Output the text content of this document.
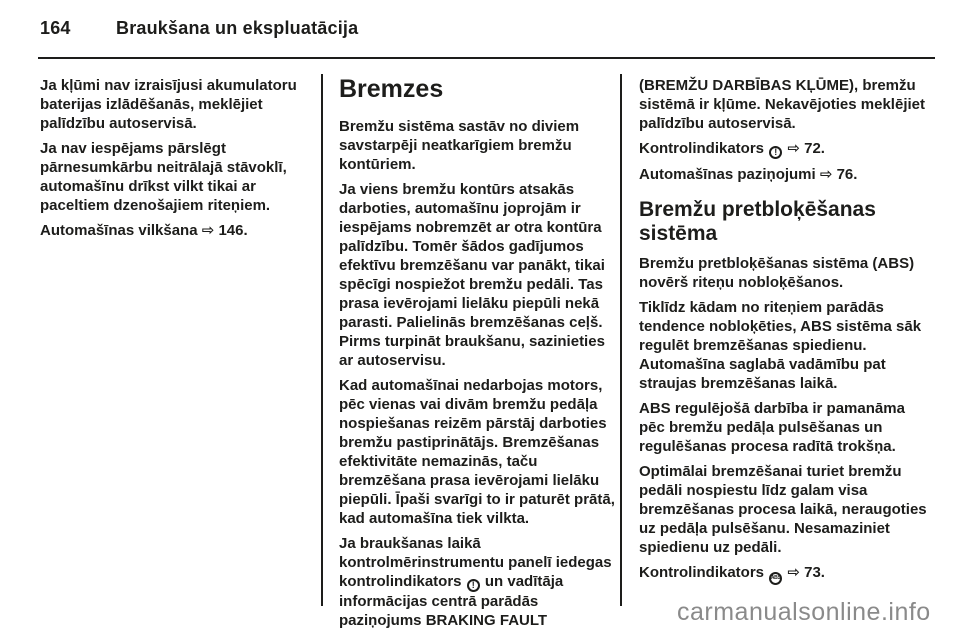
164	Braukšana un ekspluatācija

Ja kļūmi nav izraisījusi akumulatoru baterijas izlādēšanās, meklējiet palīdzību autoservisā.

Ja nav iespējams pārslēgt pārnesumkārbu neitrālajā stāvoklī, automašīnu drīkst vilkt tikai ar paceltiem dzenošajiem riteņiem.

Automašīnas vilkšana ⇨ 146.

Bremzes

Bremžu sistēma sastāv no diviem savstarpēji neatkarīgiem bremžu kontūriem.

Ja viens bremžu kontūrs atsakās darboties, automašīnu joprojām ir iespējams nobremzēt ar otra kontūra palīdzību. Tomēr šādos gadījumos efektīvu bremzēšanu var panākt, tikai spēcīgi nospiežot bremžu pedāli. Tas prasa ievērojami lielāku piepūli nekā parasti. Palielinās bremzēšanas ceļš. Pirms turpināt braukšanu, sazinieties ar autoservisu.

Kad automašīnai nedarbojas motors, pēc vienas vai divām bremžu pedāļa nospiešanas reizēm pārstāj darboties bremžu pastiprinātājs. Bremzēšanas efektivitāte nemazinās, taču bremzēšana prasa ievērojami lielāku piepūli. Īpaši svarīgi to ir paturēt prātā, kad automašīna tiek vilkta.

Ja braukšanas laikā kontrolmērinstrumentu panelī iedegas kontrolindikators ! un vadītāja informācijas centrā parādās paziņojums BRAKING FAULT

(BREMŽU DARBĪBAS KĻŪME), bremžu sistēmā ir kļūme. Nekavējoties meklējiet palīdzību autoservisā.

Kontrolindikators ! ⇨ 72.

Automašīnas paziņojumi ⇨ 76.

Bremžu pretbloķēšanas sistēma

Bremžu pretbloķēšanas sistēma (ABS) novērš riteņu nobloķēšanos.

Tiklīdz kādam no riteņiem parādās tendence nobloķēties, ABS sistēma sāk regulēt bremzēšanas spiedienu. Automašīna saglabā vadāmību pat straujas bremzēšanas laikā.

ABS regulējošā darbība ir pamanāma pēc bremžu pedāļa pulsēšanas un regulēšanas procesa radītā trokšņa.

Optimālai bremzēšanai turiet bremžu pedāli nospiestu līdz galam visa bremzēšanas procesa laikā, neraugoties uz pedāļa pulsēšanu. Nesamaziniet spiedienu uz pedāli.

Kontrolindikators ABS ⇨ 73.

carmanualsonline.info
